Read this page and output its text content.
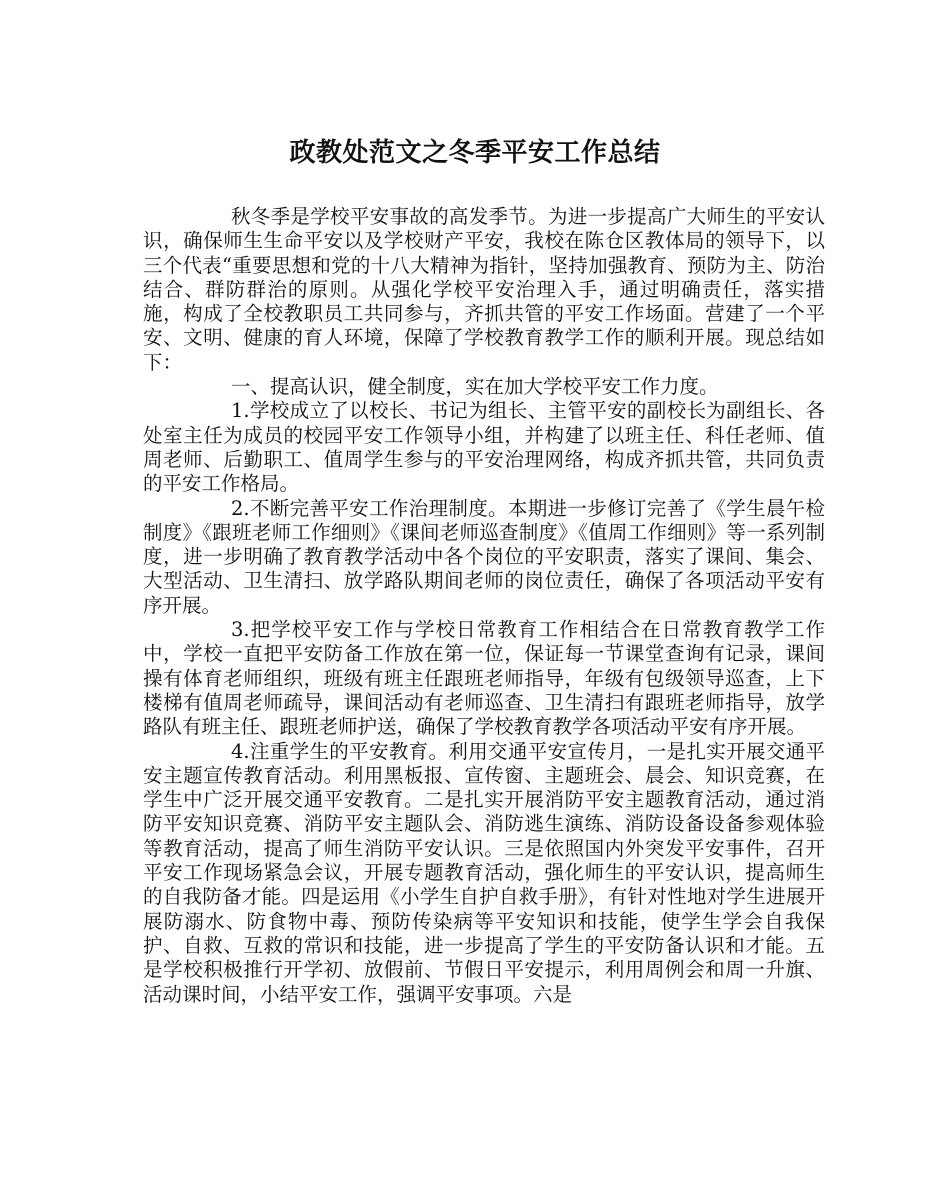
政教处范文之冬季平安工作总结

秋冬季是学校平安事故的高发季节。为进一步提高广大师生的平安认识，确保师生生命平安以及学校财产平安，我校在陈仓区教体局的领导下，以三个代表“重要思想和党的十八大精神为指针，坚持加强教育、预防为主、防治结合、群防群治的原则。从强化学校平安治理入手，通过明确责任，落实措施，构成了全校教职员工共同参与，齐抓共管的平安工作场面。营建了一个平安、文明、健康的育人环境，保障了学校教育教学工作的顺利开展。现总结如下：

一、提高认识，健全制度，实在加大学校平安工作力度。

1.学校成立了以校长、书记为组长、主管平安的副校长为副组长、各处室主任为成员的校园平安工作领导小组，并构建了以班主任、科任老师、值周老师、后勤职工、值周学生参与的平安治理网络，构成齐抓共管，共同负责的平安工作格局。

2.不断完善平安工作治理制度。本期进一步修订完善了《学生晨午检制度》《跟班老师工作细则》《课间老师巡查制度》《值周工作细则》等一系列制度，进一步明确了教育教学活动中各个岗位的平安职责，落实了课间、集会、大型活动、卫生清扫、放学路队期间老师的岗位责任，确保了各项活动平安有序开展。

3.把学校平安工作与学校日常教育工作相结合在日常教育教学工作中，学校一直把平安防备工作放在第一位，保证每一节课堂查询有记录，课间操有体育老师组织，班级有班主任跟班老师指导，年级有包级领导巡查，上下楼梯有值周老师疏导，课间活动有老师巡查、卫生清扫有跟班老师指导，放学路队有班主任、跟班老师护送，确保了学校教育教学各项活动平安有序开展。

4.注重学生的平安教育。利用交通平安宣传月，一是扎实开展交通平安主题宣传教育活动。利用黑板报、宣传窗、主题班会、晨会、知识竞赛，在学生中广泛开展交通平安教育。二是扎实开展消防平安主题教育活动，通过消防平安知识竞赛、消防平安主题队会、消防逃生演练、消防设备设备参观体验等教育活动，提高了师生消防平安认识。三是依照国内外突发平安事件，召开平安工作现场紧急会议，开展专题教育活动，强化师生的平安认识，提高师生的自我防备才能。四是运用《小学生自护自救手册》，有针对性地对学生进展开展防溺水、防食物中毒、预防传染病等平安知识和技能，使学生学会自我保护、自救、互救的常识和技能，进一步提高了学生的平安防备认识和才能。五是学校积极推行开学初、放假前、节假日平安提示，利用周例会和周一升旗、活动课时间，小结平安工作，强调平安事项。六是
